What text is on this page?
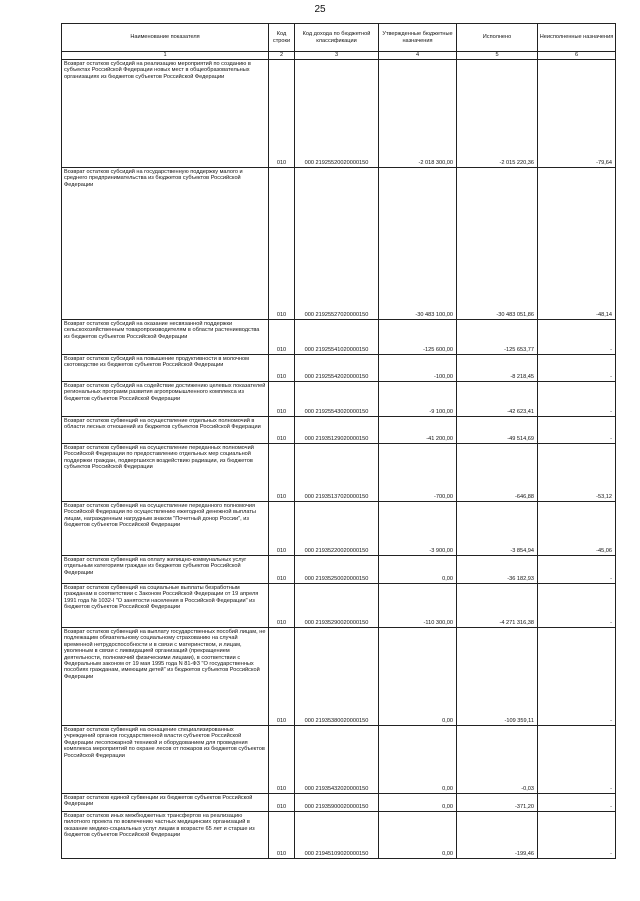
25
Наименование показателя	Код строки	Код дохода по бюджетной классификации	Утвержденные бюджетные назначения	Исполнено	Неисполненные назначения
1	2	3	4	5	6
Возврат остатков субсидий на реализацию мероприятий по созданию в субъектах Российской Федерации новых мест в общеобразовательных организациях из бюджетов субъектов Российской Федерации	010	000 21925520020000150	-2 018 300,00	-2 015 220,36	-79,64
Возврат остатков субсидий на государственную поддержку малого и среднего предпринимательства из бюджетов субъектов Российской Федерации	010	000 21925527020000150	-30 483 100,00	-30 483 051,86	-48,14
Возврат остатков субсидий на оказание несвязанной поддержки сельскохозяйственным товаропроизводителям в области растениеводства из бюджетов субъектов Российской Федерации	010	000 21925541020000150	-125 600,00	-125 653,77	-
Возврат остатков субсидий на повышение продуктивности в молочном скотоводстве из бюджетов субъектов Российской Федерации	010	000 21925542020000150	-100,00	-8 218,45	-
Возврат остатков субсидий на содействие достижению целевых показателей региональных программ развития агропромышленного комплекса из бюджетов субъектов Российской Федерации	010	000 21925543020000150	-9 100,00	-42 623,41	-
Возврат остатков субвенций на осуществление отдельных полномочий в области лесных отношений из бюджетов субъектов Российской Федерации	010	000 21935129020000150	-41 200,00	-49 514,69	-
Возврат остатков субвенций на осуществление переданных полномочий Российской Федерации по предоставлению отдельных мер социальной поддержки граждан, подвергшихся воздействию радиации, из бюджетов субъектов Российской Федерации	010	000 21935137020000150	-700,00	-646,88	-53,12
Возврат остатков субвенций на осуществление переданного полномочия Российской Федерации по осуществлению ежегодной денежной выплаты лицам, награжденным нагрудным знаком "Почетный донор России", из бюджетов субъектов Российской Федерации	010	000 21935220020000150	-3 900,00	-3 854,94	-45,06
Возврат остатков субвенций на оплату жилищно-коммунальных услуг отдельным категориям граждан из бюджетов субъектов Российской Федерации	010	000 21935250020000150	0,00	-36 182,93	-
Возврат остатков субвенций на социальные выплаты безработным гражданам в соответствии с Законом Российской Федерации от 19 апреля 1991 года № 1032-I "О занятости населения в Российской Федерации" из бюджетов субъектов Российской Федерации	010	000 21935290020000150	-110 300,00	-4 271 316,38	-
Возврат остатков субвенций на выплату государственных пособий лицам, не подлежащим обязательному социальному страхованию на случай временной нетрудоспособности и в связи с материнством, и лицам, уволенным в связи с ликвидацией организаций (прекращением деятельности, полномочий физическими лицами), в соответствии с Федеральным законом от 19 мая 1995 года N 81-ФЗ "О государственных пособиях гражданам, имеющим детей" из бюджетов субъектов Российской Федерации	010	000 21935380020000150	0,00	-109 359,11	-
Возврат остатков субвенций на оснащение специализированных учреждений органов государственной власти субъектов Российской Федерации лесопожарной техникой и оборудованием для проведения комплекса мероприятий по охране лесов от пожаров из бюджетов субъектов Российской Федерации	010	000 21935432020000150	0,00	-0,03	-
Возврат остатков единой субвенции из бюджетов субъектов Российской Федерации	010	000 21935900020000150	0,00	-371,20	-
Возврат остатков иных межбюджетных трансфертов на реализацию пилотного проекта по вовлечению частных медицинских организаций в оказание медико-социальных услуг лицам в возрасте 65 лет и старше из бюджетов субъектов Российской Федерации	010	000 21945109020000150	0,00	-199,46	-
